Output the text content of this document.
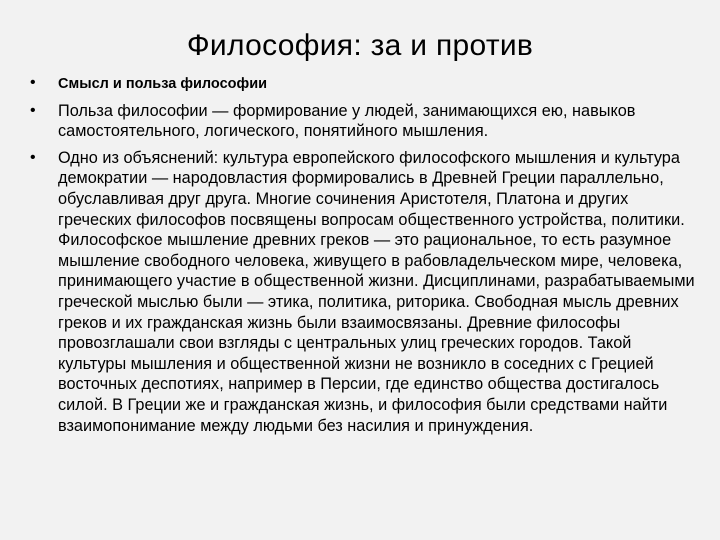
Философия: за и против
• Смысл и польза философии
• Польза философии — формирование у людей, занимающихся ею, навыков самостоятельного, логического, понятийного мышления.
• Одно из объяснений: культура европейского философского мышления и культура демократии — народовластия формировались в Древней Греции параллельно, обуславливая друг друга. Многие сочинения Аристотеля, Платона и других греческих философов посвящены вопросам общественного устройства, политики. Философское мышление древних греков — это рациональное, то есть разумное мышление свободного человека, живущего в рабовладельческом мире, человека, принимающего участие в общественной жизни. Дисциплинами, разрабатываемыми греческой мыслью были — этика, политика, риторика. Свободная мысль древних греков и их гражданская жизнь были взаимосвязаны. Древние философы провозглашали свои взгляды с центральных улиц греческих городов. Такой культуры мышления и общественной жизни не возникло в соседних с Грецией восточных деспотиях, например в Персии, где единство общества достигалось силой. В Греции же и гражданская жизнь, и философия были средствами найти взаимопонимание между людьми без насилия и принуждения.
